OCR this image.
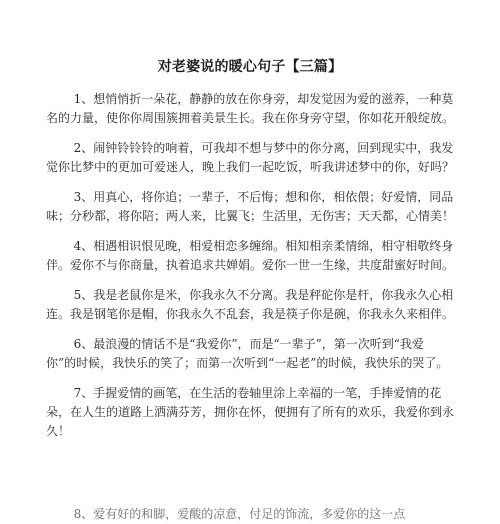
对老婆说的暖心句子【三篇】

1、想悄悄折一朵花，静静的放在你身旁，却发觉因为爱的滋养，一种莫名的力量，使你你周围簇拥着美景生长。我在你身旁守望，你如花开般绽放。

2、闹钟铃铃铃的响着，可我却不想与梦中的你分离，回到现实中，我发觉你比梦中的更加可爱迷人，晚上我们一起吃饭，听我讲述梦中的你，好吗？

3、用真心，将你追；一辈子，不后悔；想和你，相依偎；好爱情，同品味；分秒都，将你陪；两人来，比翼飞；生活里，无伤害；天天都，心情美！

4、相遇相识恨见晚，相爱相恋多缠绵。相知相亲柔情绵，相守相敬终身伴。爱你不与你商量，执着追求共婵娟。爱你一世一生缘，共度甜蜜好时间。

5、我是老鼠你是米，你我永久不分离。我是秤砣你是杆，你我永久心相连。我是钢笔你是帽，你我永久不乱套，我是筷子你是碗，你我永久来相伴。

6、最浪漫的情话不是“我爱你”，而是“一辈子”，第一次听到“我爱你”的时候，我快乐的笑了；而第一次听到“一起老”的时候，我快乐的哭了。

7、手握爱情的画笔，在生活的卷轴里涂上幸福的一笔，手捧爱情的花朵，在人生的道路上洒满芬芳，拥你在怀，便拥有了所有的欢乐，我爱你到永久！

8、爱有好的和脚，爱酸的凉意，付足的饰流，多爱你的这一点
